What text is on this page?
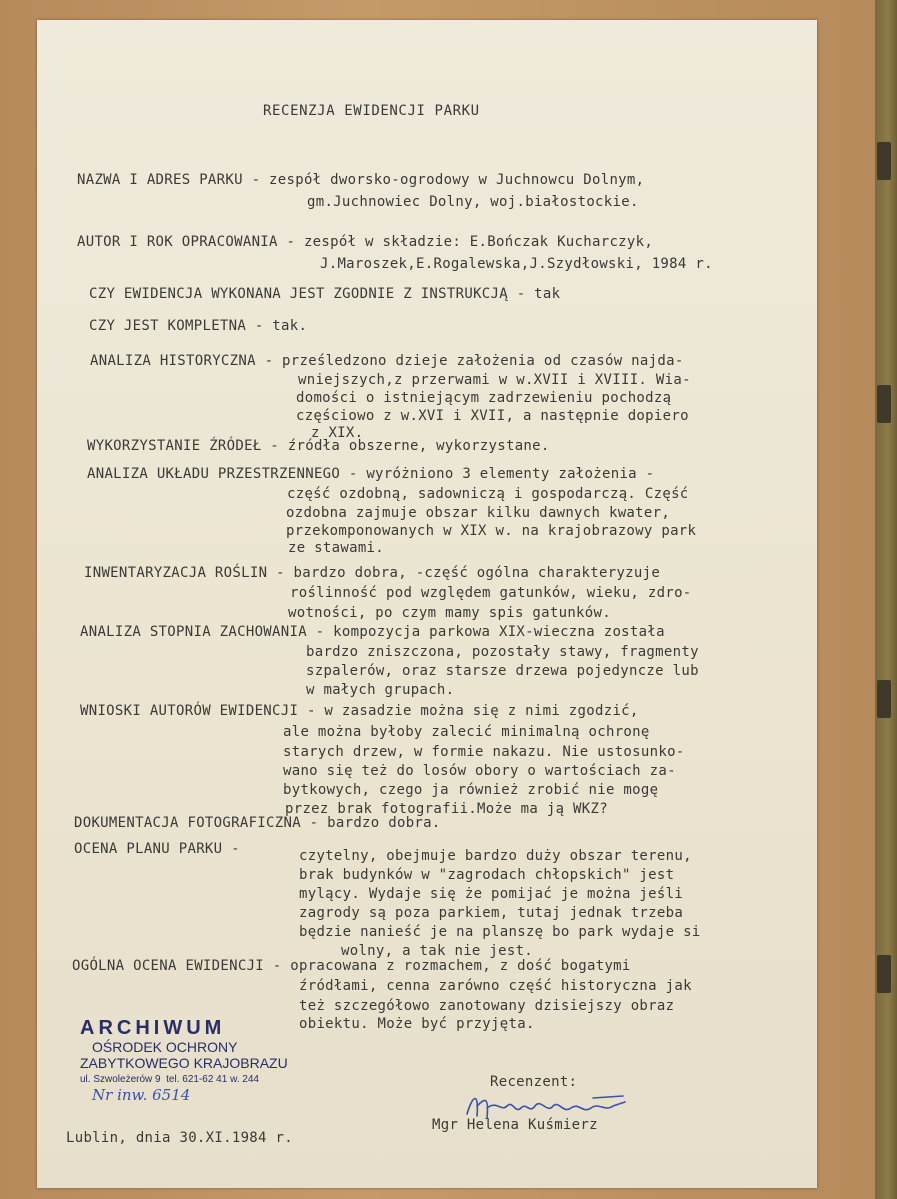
RECENZJA EWIDENCJI PARKU
NAZWA I ADRES PARKU - zespół dworsko-ogrodowy w Juchnowcu Dolnym,
gm.Juchnowiec Dolny, woj.białostockie.
AUTOR I ROK OPRACOWANIA - zespół w składzie: E.Bończak Kucharczyk,
J.Maroszek,E.Rogalewska,J.Szydłowski, 1984 r.
CZY EWIDENCJA WYKONANA JEST ZGODNIE Z INSTRUKCJĄ - tak
CZY JEST KOMPLETNA - tak.
ANALIZA HISTORYCZNA - prześledzono dzieje założenia od czasów najda-
wniejszych,z przerwami w w.XVII i XVIII. Wia-
domości o istniejącym zadrzewieniu pochodzą
częściowo z w.XVI i XVII, a następnie dopiero
z XIX.
WYKORZYSTANIE ŹRÓDEŁ - źródła obszerne, wykorzystane.
ANALIZA UKŁADU PRZESTRZENNEGO - wyróżniono 3 elementy założenia -
część ozdobną, sadowniczą i gospodarczą. Część
ozdobna zajmuje obszar kilku dawnych kwater,
przekomponowanych w XIX w. na krajobrazowy park
ze stawami.
INWENTARYZACJA ROŚLIN - bardzo dobra, -część ogólna charakteryzuje
roślinność pod względem gatunków, wieku, zdro-
wotności, po czym mamy spis gatunków.
ANALIZA STOPNIA ZACHOWANIA - kompozycja parkowa XIX-wieczna została
bardzo zniszczona, pozostały stawy, fragmenty
szpalerów, oraz starsze drzewa pojedyncze lub
w małych grupach.
WNIOSKI AUTORÓW EWIDENCJI - w zasadzie można się z nimi zgodzić,
ale można byłoby zalecić minimalną ochronę
starych drzew, w formie nakazu. Nie ustosunko-
wano się też do losów obory o wartościach za-
bytkowych, czego ja również zrobić nie mogę
przez brak fotografii.Może ma ją WKZ?
DOKUMENTACJA FOTOGRAFICZNA - bardzo dobra.
OCENA PLANU PARKU -	czytelny, obejmuje bardzo duży obszar terenu,
brak budynków w "zagrodach chłopskich" jest
mylący. Wydaje się że pomijać je można jeśli
zagrody są poza parkiem, tutaj jednak trzeba
będzie nanieść je na planszę bo park wydaje si
wolny, a tak nie jest.
OGÓLNA OCENA EWIDENCJI - opracowana z rozmachem, z dość bogatymi
źródłami, cenna zarówno część historyczna jak
też szczegółowo zanotowany dzisiejszy obraz
obiektu. Może być przyjęta.
Recenzent:
Mgr Helena Kuśmierz
Lublin, dnia 30.XI.1984 r.
ARCHIWUM
OŚRODEK OCHRONY
ZABYTKOWEGO KRAJOBRAZU
ul. Szwoleżerów 9  tel. 621-62 41 w. 244
Nr inw. 6514
